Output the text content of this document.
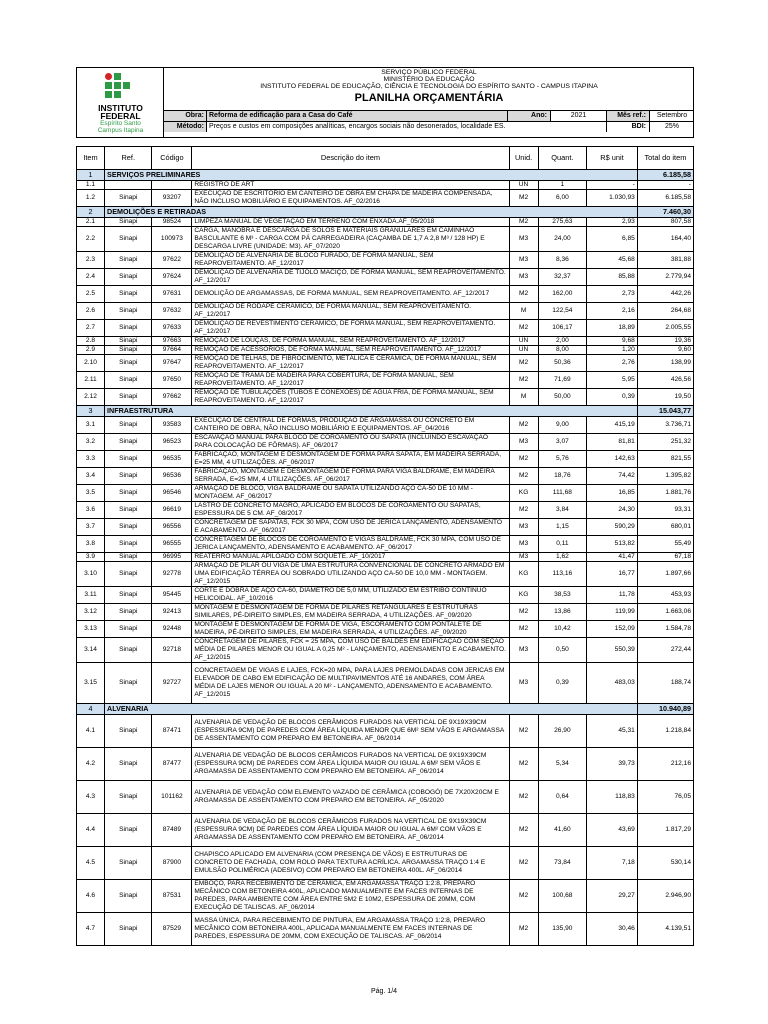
INSTITUTO
FEDERAL
Espírito Santo
Campus Itapina
SERVIÇO PÚBLICO FEDERAL
MINISTÉRIO DA EDUCAÇÃO
INSTITUTO FEDERAL DE EDUCAÇÃO, CIÊNCIA E TECNOLOGIA DO ESPÍRITO SANTO - CAMPUS ITAPINA
PLANILHA ORÇAMENTÁRIA
Obra: Reforma de edificação para a Casa do Café	Ano:	2021	Mês ref.:	Setembro
Método: Preços e custos em composições analíticas, encargos sociais não desonerados, localidade ES.	BDI:	25%
Item	Ref.	Código	Descrição do item	Unid.	Quant.	R$ unit	Total do item
1	SERVIÇOS PRELIMINARES						6.185,58
1.1			REGISTRO DE ART	UN	1	-	-
1.2	Sinapi	93207	EXECUÇÃO DE ESCRITÓRIO EM CANTEIRO DE OBRA EM CHAPA DE MADEIRA COMPENSADA, NÃO INCLUSO MOBILIÁRIO E EQUIPAMENTOS. AF_02/2016	M2	6,00	1.030,93	6.185,58
2	DEMOLIÇÕES E RETIRADAS						7.460,30
2.1	Sinapi	98524	LIMPEZA MANUAL DE VEGETAÇÃO EM TERRENO COM ENXADA.AF_05/2018	M2	275,63	2,93	807,58
2.2	Sinapi	100973	CARGA, MANOBRA E DESCARGA DE SOLOS E MATERIAIS GRANULARES EM CAMINHÃO BASCULANTE 6 M³ - CARGA COM PÁ CARREGADEIRA (CAÇAMBA DE 1,7 A 2,8 M³ / 128 HP) E DESCARGA LIVRE (UNIDADE: M3). AF_07/2020	M3	24,00	6,85	164,40
2.3	Sinapi	97622	DEMOLIÇÃO DE ALVENARIA DE BLOCO FURADO, DE FORMA MANUAL, SEM REAPROVEITAMENTO. AF_12/2017	M3	8,36	45,68	381,88
2.4	Sinapi	97624	DEMOLIÇÃO DE ALVENARIA DE TIJOLO MACIÇO, DE FORMA MANUAL, SEM REAPROVEITAMENTO. AF_12/2017	M3	32,37	85,88	2.779,94
2.5	Sinapi	97631	DEMOLIÇÃO DE ARGAMASSAS, DE FORMA MANUAL, SEM REAPROVEITAMENTO. AF_12/2017	M2	162,00	2,73	442,26
2.6	Sinapi	97632	DEMOLIÇÃO DE RODAPÉ CERÂMICO, DE FORMA MANUAL, SEM REAPROVEITAMENTO. AF_12/2017	M	122,54	2,16	264,68
2.7	Sinapi	97633	DEMOLIÇÃO DE REVESTIMENTO CERÂMICO, DE FORMA MANUAL, SEM REAPROVEITAMENTO. AF_12/2017	M2	106,17	18,89	2.005,55
2.8	Sinapi	97663	REMOÇÃO DE LOUÇAS, DE FORMA MANUAL, SEM REAPROVEITAMENTO. AF_12/2017	UN	2,00	9,68	19,36
2.9	Sinapi	97664	REMOÇÃO DE ACESSÓRIOS, DE FORMA MANUAL, SEM REAPROVEITAMENTO. AF_12/2017	UN	8,00	1,20	9,60
2.10	Sinapi	97647	REMOÇÃO DE TELHAS, DE FIBROCIMENTO, METÁLICA E CERÂMICA, DE FORMA MANUAL, SEM REAPROVEITAMENTO. AF_12/2017	M2	50,36	2,76	138,99
2.11	Sinapi	97650	REMOÇÃO DE TRAMA DE MADEIRA PARA COBERTURA, DE FORMA MANUAL, SEM REAPROVEITAMENTO. AF_12/2017	M2	71,69	5,95	426,56
2.12	Sinapi	97662	REMOÇÃO DE TUBULAÇÕES (TUBOS E CONEXÕES) DE ÁGUA FRIA, DE FORMA MANUAL, SEM REAPROVEITAMENTO. AF_12/2017	M	50,00	0,39	19,50
3	INFRAESTRUTURA						15.043,77
3.1	Sinapi	93583	EXECUÇÃO DE CENTRAL DE FÔRMAS, PRODUÇÃO DE ARGAMASSA OU CONCRETO EM CANTEIRO DE OBRA, NÃO INCLUSO MOBILIÁRIO E EQUIPAMENTOS. AF_04/2016	M2	9,00	415,19	3.736,71
3.2	Sinapi	96523	ESCAVAÇÃO MANUAL PARA BLOCO DE COROAMENTO OU SAPATA (INCLUINDO ESCAVAÇÃO PARA COLOCAÇÃO DE FÔRMAS). AF_06/2017	M3	3,07	81,81	251,32
3.3	Sinapi	96535	FABRICAÇÃO, MONTAGEM E DESMONTAGEM DE FÔRMA PARA SAPATA, EM MADEIRA SERRADA, E=25 MM, 4 UTILIZAÇÕES. AF_06/2017	M2	5,76	142,63	821,55
3.4	Sinapi	96536	FABRICAÇÃO, MONTAGEM E DESMONTAGEM DE FÔRMA PARA VIGA BALDRAME, EM MADEIRA SERRADA, E=25 MM, 4 UTILIZAÇÕES. AF_06/2017	M2	18,76	74,42	1.395,82
3.5	Sinapi	96546	ARMAÇÃO DE BLOCO, VIGA BALDRAME OU SAPATA UTILIZANDO AÇO CA-50 DE 10 MM - MONTAGEM. AF_06/2017	KG	111,68	16,85	1.881,76
3.6	Sinapi	96619	LASTRO DE CONCRETO MAGRO, APLICADO EM BLOCOS DE COROAMENTO OU SAPATAS, ESPESSURA DE 5 CM. AF_08/2017	M2	3,84	24,30	93,31
3.7	Sinapi	96556	CONCRETAGEM DE SAPATAS, FCK 30 MPA, COM USO DE JERICA LANÇAMENTO, ADENSAMENTO E ACABAMENTO. AF_06/2017	M3	1,15	590,29	680,01
3.8	Sinapi	96555	CONCRETAGEM DE BLOCOS DE COROAMENTO E VIGAS BALDRAME, FCK 30 MPA, COM USO DE JERICA LANÇAMENTO, ADENSAMENTO E ACABAMENTO. AF_06/2017	M3	0,11	513,82	55,49
3.9	Sinapi	96995	REATERRO MANUAL APILOADO COM SOQUETE. AF_10/2017	M3	1,62	41,47	67,18
3.10	Sinapi	92778	ARMAÇÃO DE PILAR OU VIGA DE UMA ESTRUTURA CONVENCIONAL DE CONCRETO ARMADO EM UMA EDIFICAÇÃO TÉRREA OU SOBRADO UTILIZANDO AÇO CA-50 DE 10,0 MM - MONTAGEM. AF_12/2015	KG	113,16	16,77	1.897,66
3.11	Sinapi	95445	CORTE E DOBRA DE AÇO CA-60, DIÂMETRO DE 5,0 MM, UTILIZADO EM ESTRIBO CONTÍNUO HELICOIDAL. AF_10/2016	KG	38,53	11,78	453,93
3.12	Sinapi	92413	MONTAGEM E DESMONTAGEM DE FÔRMA DE PILARES RETANGULARES E ESTRUTURAS SIMILARES, PÉ-DIREITO SIMPLES, EM MADEIRA SERRADA, 4 UTILIZAÇÕES. AF_09/2020	M2	13,86	119,99	1.663,06
3.13	Sinapi	92448	MONTAGEM E DESMONTAGEM DE FÔRMA DE VIGA, ESCORAMENTO COM PONTALETE DE MADEIRA, PÉ-DIREITO SIMPLES, EM MADEIRA SERRADA, 4 UTILIZAÇÕES. AF_09/2020	M2	10,42	152,09	1.584,78
3.14	Sinapi	92718	CONCRETAGEM DE PILARES, FCK = 25 MPA, COM USO DE BALDES EM EDIFICAÇÃO COM SEÇÃO MÉDIA DE PILARES MENOR OU IGUAL A 0,25 M² - LANÇAMENTO, ADENSAMENTO E ACABAMENTO. AF_12/2015	M3	0,50	550,39	272,44
3.15	Sinapi	92727	CONCRETAGEM DE VIGAS E LAJES, FCK=20 MPA, PARA LAJES PREMOLDADAS COM JERICAS EM ELEVADOR DE CABO EM EDIFICAÇÃO DE MULTIPAVIMENTOS ATÉ 16 ANDARES, COM ÁREA MÉDIA DE LAJES MENOR OU IGUAL A 20 M² - LANÇAMENTO, ADENSAMENTO E ACABAMENTO. AF_12/2015	M3	0,39	483,03	188,74
4	ALVENARIA						10.940,89
4.1	Sinapi	87471	ALVENARIA DE VEDAÇÃO DE BLOCOS CERÂMICOS FURADOS NA VERTICAL DE 9X19X39CM (ESPESSURA 9CM) DE PAREDES COM ÁREA LÍQUIDA MENOR QUE 6M² SEM VÃOS E ARGAMASSA DE ASSENTAMENTO COM PREPARO EM BETONEIRA. AF_06/2014	M2	26,90	45,31	1.218,84
4.2	Sinapi	87477	ALVENARIA DE VEDAÇÃO DE BLOCOS CERÂMICOS FURADOS NA VERTICAL DE 9X19X39CM (ESPESSURA 9CM) DE PAREDES COM ÁREA LÍQUIDA MAIOR OU IGUAL A 6M² SEM VÃOS E ARGAMASSA DE ASSENTAMENTO COM PREPARO EM BETONEIRA. AF_06/2014	M2	5,34	39,73	212,16
4.3	Sinapi	101162	ALVENARIA DE VEDAÇÃO COM ELEMENTO VAZADO DE CERÂMICA (COBOGÓ) DE 7X20X20CM E ARGAMASSA DE ASSENTAMENTO COM PREPARO EM BETONEIRA. AF_05/2020	M2	0,64	118,83	76,05
4.4	Sinapi	87489	ALVENARIA DE VEDAÇÃO DE BLOCOS CERÂMICOS FURADOS NA VERTICAL DE 9X19X39CM (ESPESSURA 9CM) DE PAREDES COM ÁREA LÍQUIDA MAIOR OU IGUAL A 6M² COM VÃOS E ARGAMASSA DE ASSENTAMENTO COM PREPARO EM BETONEIRA. AF_06/2014	M2	41,60	43,69	1.817,29
4.5	Sinapi	87900	CHAPISCO APLICADO EM ALVENARIA (COM PRESENÇA DE VÃOS) E ESTRUTURAS DE CONCRETO DE FACHADA, COM ROLO PARA TEXTURA ACRÍLICA. ARGAMASSA TRAÇO 1:4 E EMULSÃO POLIMÉRICA (ADESIVO) COM PREPARO EM BETONEIRA 400L. AF_06/2014	M2	73,84	7,18	530,14
4.6	Sinapi	87531	EMBOÇO, PARA RECEBIMENTO DE CERÂMICA, EM ARGAMASSA TRAÇO 1:2:8, PREPARO MECÂNICO COM BETONEIRA 400L, APLICADO MANUALMENTE EM FACES INTERNAS DE PAREDES, PARA AMBIENTE COM ÁREA ENTRE 5M2 E 10M2, ESPESSURA DE 20MM, COM EXECUÇÃO DE TALISCAS. AF_06/2014	M2	100,68	29,27	2.946,90
4.7	Sinapi	87529	MASSA ÚNICA, PARA RECEBIMENTO DE PINTURA, EM ARGAMASSA TRAÇO 1:2:8, PREPARO MECÂNICO COM BETONEIRA 400L, APLICADA MANUALMENTE EM FACES INTERNAS DE PAREDES, ESPESSURA DE 20MM, COM EXECUÇÃO DE TALISCAS. AF_06/2014	M2	135,90	30,46	4.139,51
Pág. 1/4
